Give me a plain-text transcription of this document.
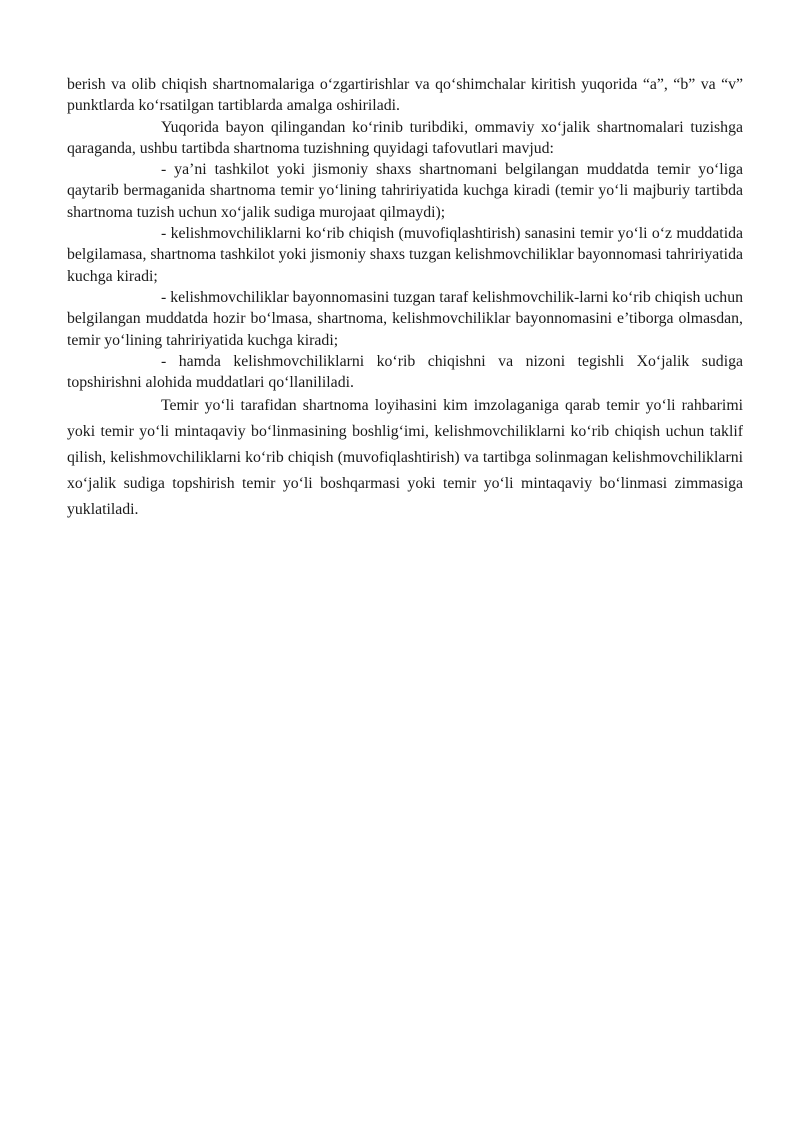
berish va olib chiqish shartnomalariga o‘zgartirishlar va qo‘shimchalar kiritish yuqorida “a”, “b” va “v” punktlarda ko‘rsatilgan tartiblarda amalga oshiriladi.

Yuqorida bayon qilingandan ko‘rinib turibdiki, ommaviy xo‘jalik shartnomalari tuzishga qaraganda, ushbu tartibda shartnoma tuzishning quyidagi tafovutlari mavjud:

- ya’ni tashkilot yoki jismoniy shaxs shartnomani belgilangan muddatda temir yo‘liga qaytarib bermaganida shartnoma temir yo‘lining tahririyatida kuchga kiradi (temir yo‘li majburiy tartibda shartnoma tuzish uchun xo‘jalik sudiga murojaat qilmaydi);

- kelishmovchiliklarni ko‘rib chiqish (muvofiqlashtirish) sanasini temir yo‘li o‘z muddatida belgilamasa, shartnoma tashkilot yoki jismoniy shaxs tuzgan kelishmovchiliklar bayonnomasi tahririyatida kuchga kiradi;

- kelishmovchiliklar bayonnomasini tuzgan taraf kelishmovchilik-larni ko‘rib chiqish uchun belgilangan muddatda hozir bo‘lmasa, shartnoma, kelishmovchiliklar bayonnomasini e’tiborga olmasdan, temir yo‘lining tahririyatida kuchga kiradi;

- hamda kelishmovchiliklarni ko‘rib chiqishni va nizoni tegishli Xo‘jalik sudiga topshirishni alohida muddatlari qo‘llanililadi.

Temir yo‘li tarafidan shartnoma loyihasini kim imzolaganiga qarab temir yo‘li rahbarimi yoki temir yo‘li mintaqaviy bo‘linmasining boshlig‘imi, kelishmovchiliklarni ko‘rib chiqish uchun taklif qilish, kelishmovchiliklarni ko‘rib chiqish (muvofiqlashtirish) va tartibga solinmagan kelishmovchiliklarni xo‘jalik sudiga topshirish temir yo‘li boshqarmasi yoki temir yo‘li mintaqaviy bo‘linmasi zimmasiga yuklatiladi.
